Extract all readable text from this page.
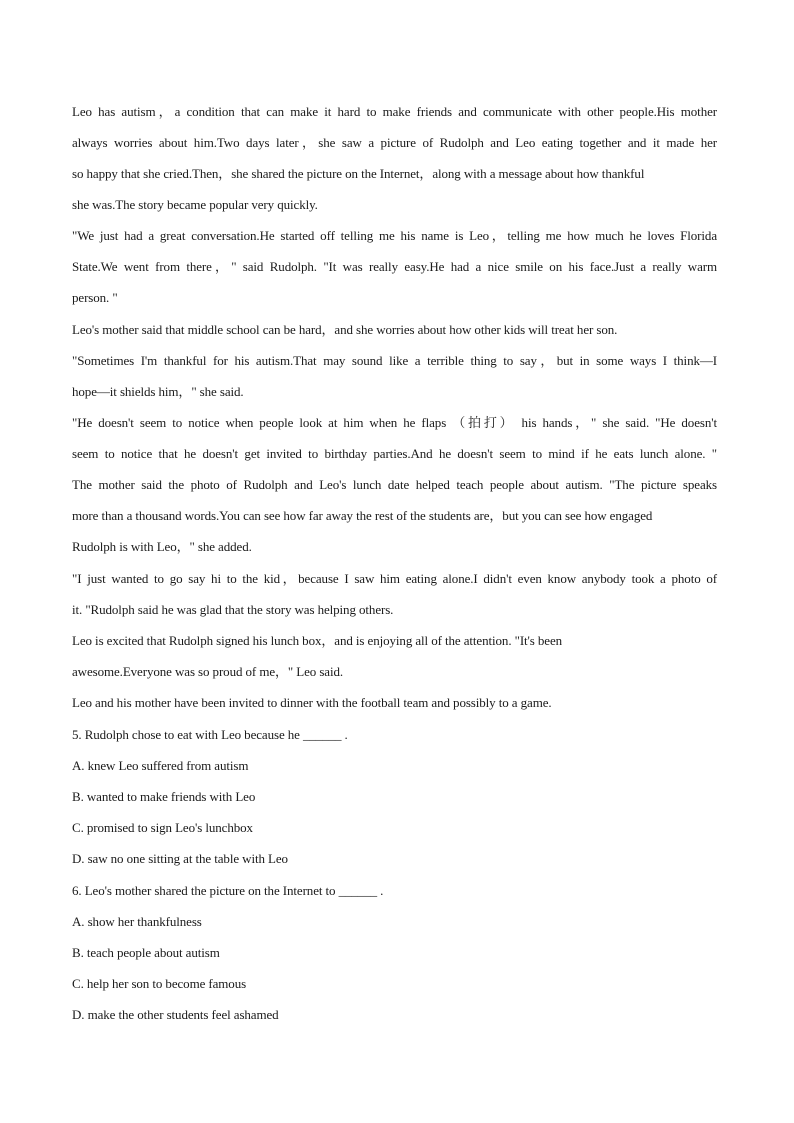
Leo has autism，a condition that can make it hard to make friends and communicate with other people.His mother

always worries about him.Two days later，she saw a picture of Rudolph and Leo eating together and it made her

so happy that she cried.Then，she shared the picture on the Internet，along with a message about how thankful

she was.The story became popular very quickly.

"We just had a great conversation.He started off telling me his name is Leo，telling me how much he loves Florida

State.We went from there，" said Rudolph. "It was really easy.He had a nice smile on his face.Just a really warm

person. "

Leo's mother said that middle school can be hard，and she worries about how other kids will treat her son.

"Sometimes I'm thankful for his autism.That may sound like a terrible thing to say，but in some ways I think—I

hope—it shields him，" she said.

"He doesn't seem to notice when people look at him when he flaps （拍打） his hands，" she said. "He doesn't

seem to notice that he doesn't get invited to birthday parties.And he doesn't seem to mind if he eats lunch alone. "

The mother said the photo of Rudolph and Leo's lunch date helped teach people about autism. "The picture speaks

more than a thousand words.You can see how far away the rest of the students are，but you can see how engaged

Rudolph is with Leo，" she added.

"I just wanted to go say hi to the kid，because I saw him eating alone.I didn't even know anybody took a photo of

it. "Rudolph said he was glad that the story was helping others.

Leo is excited that Rudolph signed his lunch box，and is enjoying all of the attention. "It's been

awesome.Everyone was so proud of me，" Leo said.

Leo and his mother have been invited to dinner with the football team and possibly to a game.

5. Rudolph chose to eat with Leo because he ______ .

A. knew Leo suffered from autism

B. wanted to make friends with Leo

C. promised to sign Leo's lunchbox

D. saw no one sitting at the table with Leo

6. Leo's mother shared the picture on the Internet to ______ .

A. show her thankfulness

B. teach people about autism

C. help her son to become famous

D. make the other students feel ashamed
